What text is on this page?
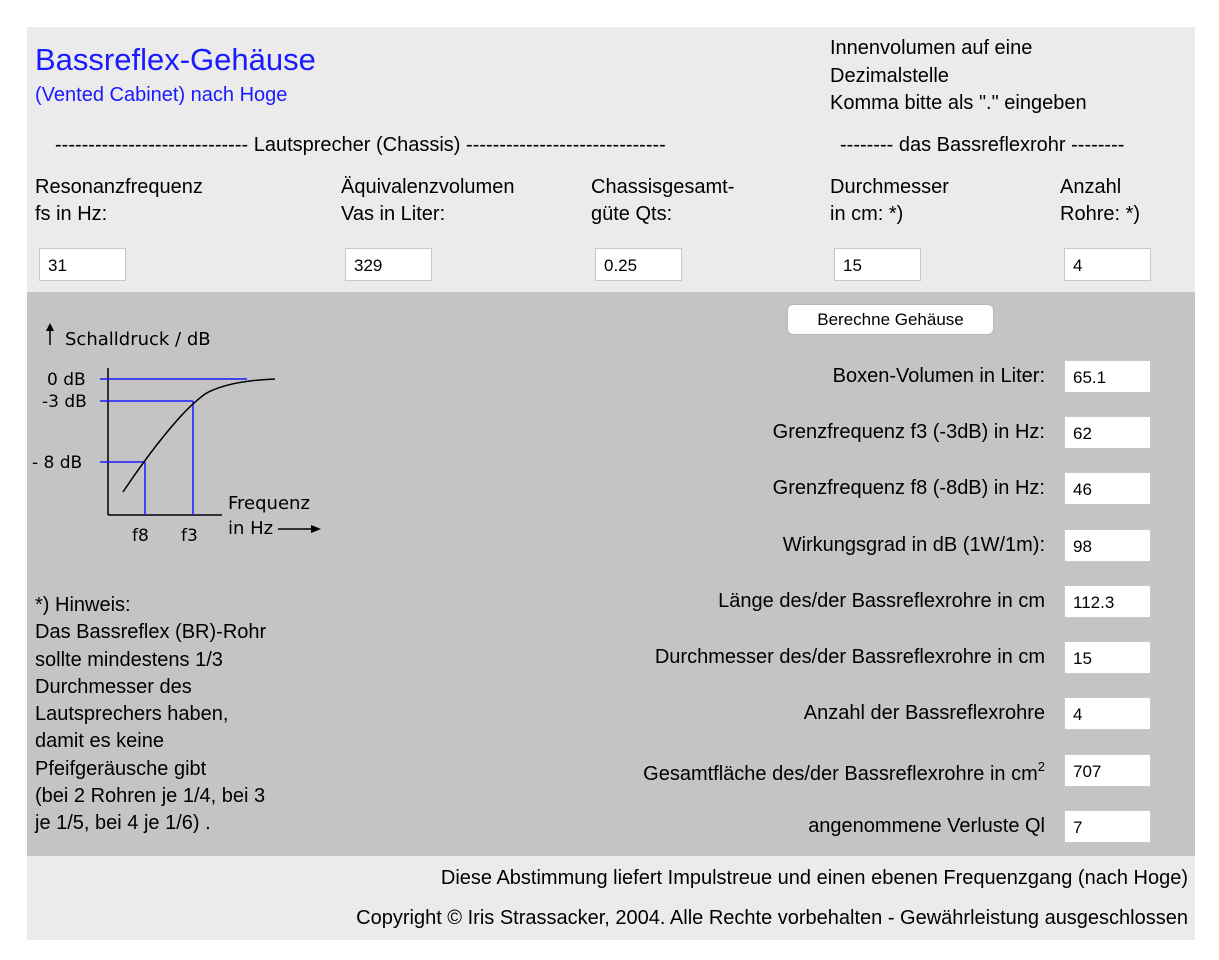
Bassreflex-Gehäuse
(Vented Cabinet) nach Hoge
Innenvolumen auf eine
Dezimalstelle
Komma bitte als "." eingeben
----------------------------- Lautsprecher (Chassis) ------------------------------	-------- das Bassreflexrohr --------
Resonanzfrequenz
fs in Hz:
Äquivalenzvolumen
Vas in Liter:
Chassisgesamt-
güte Qts:
Durchmesser
in cm: *)
Anzahl
Rohre: *)
31
329
0.25
15
4
Berechne Gehäuse
Schalldruck / dB
0 dB
-3 dB
- 8 dB
Frequenz
in Hz
f8 f3
*) Hinweis:
Das Bassreflex (BR)-Rohr
sollte mindestens 1/3
Durchmesser des
Lautsprechers haben,
damit es keine
Pfeifgeräusche gibt
(bei 2 Rohren je 1/4, bei 3
je 1/5, bei 4 je 1/6) .
Boxen-Volumen in Liter:
65.1
Grenzfrequenz f3 (-3dB) in Hz:
62
Grenzfrequenz f8 (-8dB) in Hz:
46
Wirkungsgrad in dB (1W/1m):
98
Länge des/der Bassreflexrohre in cm
112.3
Durchmesser des/der Bassreflexrohre in cm
15
Anzahl der Bassreflexrohre
4
Gesamtfläche des/der Bassreflexrohre in $cm^2$
707
angenommene Verluste Ql
7
Diese Abstimmung liefert Impulstreue und einen ebenen Frequenzgang (nach Hoge)
Copyright © Iris Strassacker, 2004. Alle Rechte vorbehalten - Gewährleistung ausgeschlossen
